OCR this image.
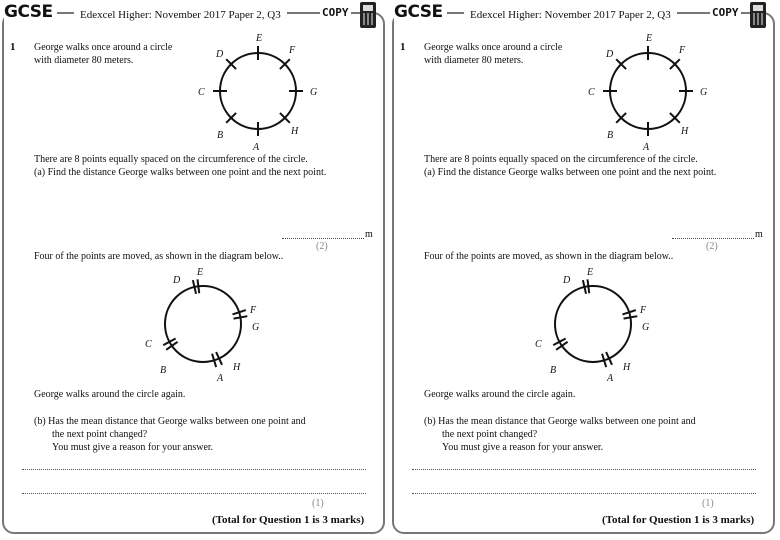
GCSE	Edexcel Higher: November 2017 Paper 2, Q3	COPY
1 George walks once around a circle
with diameter 80 meters.
E
F
G
H
A
B
C
D
E
D
F
G
C
B	H
A
There are 8 points equally spaced on the circumference of the circle.
(a) Find the distance George walks between one point and the next point.
m
(2)
Four of the points are moved, as shown in the diagram below..
George walks around the circle again.
(b) Has the mean distance that George walks between one point and
the next point changed?
You must give a reason for your answer.
(1)
(Total for Question 1 is 3 marks)
GCSE	Edexcel Higher: November 2017 Paper 2, Q3	COPY
1 George walks once around a circle
with diameter 80 meters.
E
F
G
H
A
B
C
D
E
D
F
G
C
B	H
A
There are 8 points equally spaced on the circumference of the circle.
(a) Find the distance George walks between one point and the next point.
m
(2)
Four of the points are moved, as shown in the diagram below..
George walks around the circle again.
(b) Has the mean distance that George walks between one point and
the next point changed?
You must give a reason for your answer.
(1)
(Total for Question 1 is 3 marks)
